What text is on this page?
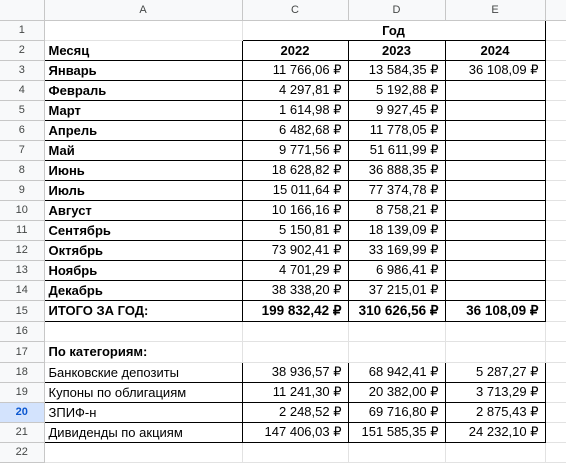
	A	C	D	E	
1		Год			
2	Месяц	2022	2023	2024	
3	Январь	11 766,06 ₽	13 584,35 ₽	36 108,09 ₽	
4	Февраль	4 297,81 ₽	5 192,88 ₽		
5	Март	1 614,98 ₽	9 927,45 ₽		
6	Апрель	6 482,68 ₽	11 778,05 ₽		
7	Май	9 771,56 ₽	51 611,99 ₽		
8	Июнь	18 628,82 ₽	36 888,35 ₽		
9	Июль	15 011,64 ₽	77 374,78 ₽		
10	Август	10 166,16 ₽	8 758,21 ₽		
11	Сентябрь	5 150,81 ₽	18 139,09 ₽		
12	Октябрь	73 902,41 ₽	33 169,99 ₽		
13	Ноябрь	4 701,29 ₽	6 986,41 ₽		
14	Декабрь	38 338,20 ₽	37 215,01 ₽		
15	ИТОГО ЗА ГОД:	199 832,42 ₽	310 626,56 ₽	36 108,09 ₽	
16					
17	По категориям:				
18	Банковские депозиты	38 936,57 ₽	68 942,41 ₽	5 287,27 ₽	
19	Купоны по облигациям	11 241,30 ₽	20 382,00 ₽	3 713,29 ₽	
20	ЗПИФ-н	2 248,52 ₽	69 716,80 ₽	2 875,43 ₽	
21	Дивиденды по акциям	147 406,03 ₽	151 585,35 ₽	24 232,10 ₽	
22					
